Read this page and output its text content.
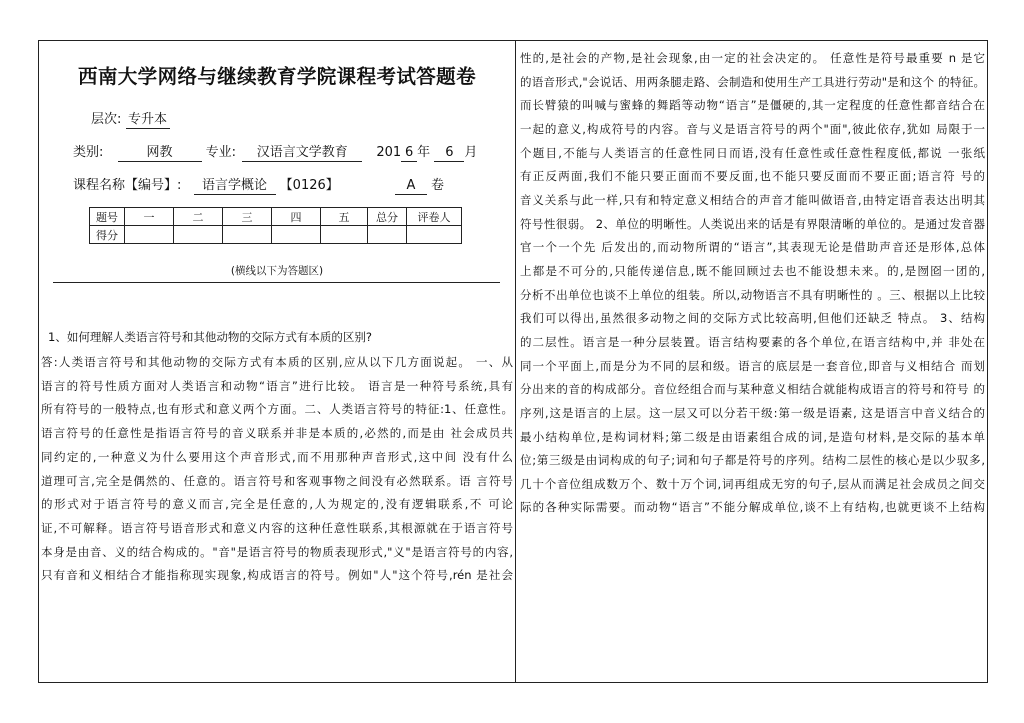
西南大学网络与继续教育学院课程考试答题卷
层次: 专升本
类别:	网教	专业: 汉语言文学教育 201 6 年 6 月
课程名称【编号】: 语言学概论 【0126】	A 卷
题号	一	二	三	四	五	总分	评卷人
得分							
(横线以下为答题区)
1、如何理解人类语言符号和其他动物的交际方式有本质的区别?
答:人类语言符号和其他动物的交际方式有本质的区别,应从以下几方面说起。 一、从
语言的符号性质方面对人类语言和动物“语言”进行比较。 语言是一种符号系统,具有
所有符号的一般特点,也有形式和意义两个方面。二、人类语言符号的特征:1、任意性。
语言符号的任意性是指语言符号的音义联系并非是本质的,必然的,而是由 社会成员共
同约定的,一种意义为什么要用这个声音形式,而不用那种声音形式,这中间 没有什么
道理可言,完全是偶然的、任意的。语言符号和客观事物之间没有必然联系。语 言符号
的形式对于语言符号的意义而言,完全是任意的,人为规定的,没有逻辑联系,不 可论
证,不可解释。语言符号语音形式和意义内容的这种任意性联系,其根源就在于语言符号
本身是由音、义的结合构成的。"音"是语言符号的物质表现形式,"义"是语言符号的内容,
只有音和义相结合才能指称现实现象,构成语言的符号。例如"人"这个符号,rén 是社会
性的,是社会的产物,是社会现象,由一定的社会决定的。 任意性是符号最重要 n 是它
的语音形式,"会说话、用两条腿走路、会制造和使用生产工具进行劳动"是和这个 的特征。
而长臂猿的叫喊与蜜蜂的舞蹈等动物“语言”是僵硬的,其一定程度的任意性都音结合在
一起的意义,构成符号的内容。音与义是语言符号的两个"面",彼此依存,犹如 局限于一
个题目,不能与人类语言的任意性同日而语,没有任意性或任意性程度低,都说 一张纸
有正反两面,我们不能只要正面而不要反面,也不能只要反面而不要正面;语言符 号的
音义关系与此一样,只有和特定意义相结合的声音才能叫做语音,由特定语音表达出明其
符号性很弱。 2、单位的明晰性。人类说出来的话是有界限清晰的单位的。是通过发音器
官一个一个先 后发出的,而动物所谓的“语言”,其表现无论是借助声音还是形体,总体
上都是不可分的,只能传递信息,既不能回顾过去也不能设想未来。的,是囫囵一团的,
分析不出单位也谈不上单位的组装。所以,动物语言不具有明晰性的 。三、根据以上比较
我们可以得出,虽然很多动物之间的交际方式比较高明,但他们还缺乏 特点。 3、结构
的二层性。语言是一种分层装置。语言结构要素的各个单位,在语言结构中,并 非处在
同一个平面上,而是分为不同的层和级。语言的底层是一套音位,即音与义相结合 而划
分出来的音的构成部分。音位经组合而与某种意义相结合就能构成语言的符号和符号 的
序列,这是语言的上层。这一层又可以分若干级:第一级是语素, 这是语言中音义结合的
最小结构单位,是构词材料;第二级是由语素组合成的词,是造句材料,是交际的基本单
位;第三级是由词构成的句子;词和句子都是符号的序列。结构二层性的核心是以少驭多,
几十个音位组成数万个、数十万个词,词再组成无穷的句子,层从而满足社会成员之间交
际的各种实际需要。而动物“语言”不能分解成单位,谈不上有结构,也就更谈不上结构
